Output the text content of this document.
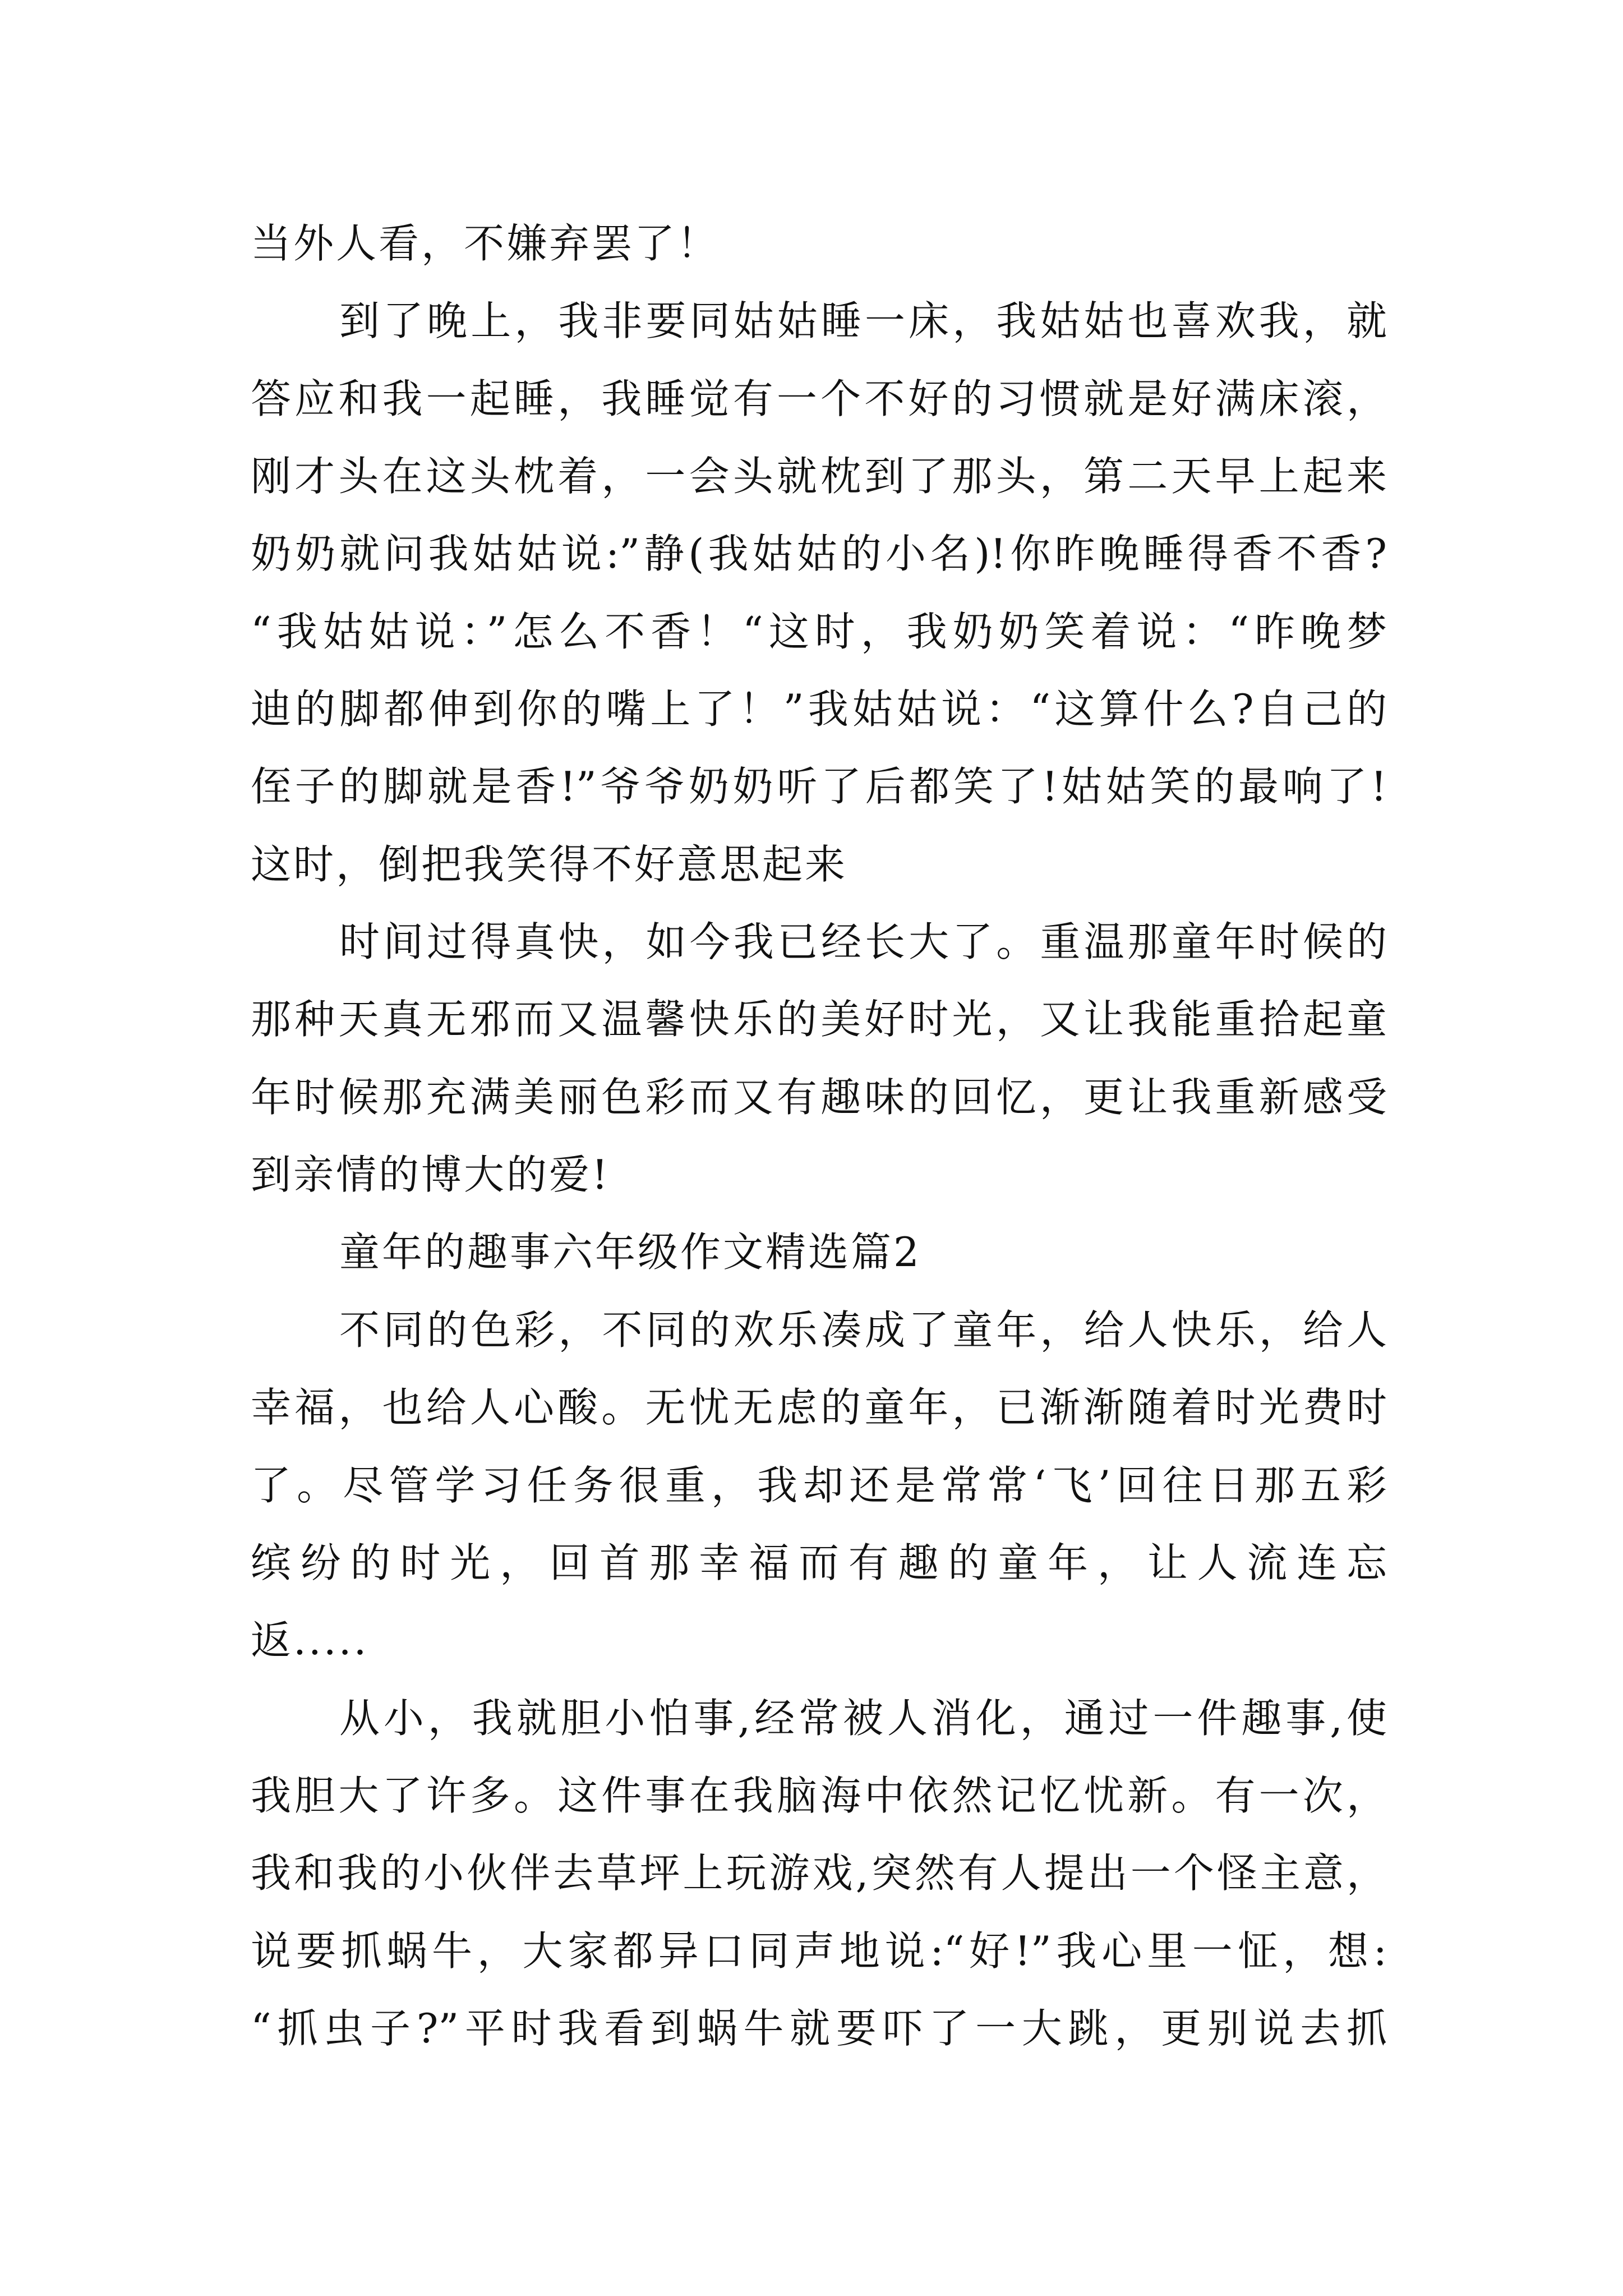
当外人看，不嫌弃罢了！
到了晚上，我非要同姑姑睡一床，我姑姑也喜欢我，就
答应和我一起睡，我睡觉有一个不好的习惯就是好满床滚，
刚才头在这头枕着，一会头就枕到了那头，第二天早上起来
奶奶就问我姑姑说:”静(我姑姑的小名)!你昨晚睡得香不香?
“我姑姑说：”怎么不香！“这时，我奶奶笑着说：“昨晚梦
迪的脚都伸到你的嘴上了！”我姑姑说：“这算什么?自己的
侄子的脚就是香!”爷爷奶奶听了后都笑了!姑姑笑的最响了!
这时，倒把我笑得不好意思起来
时间过得真快，如今我已经长大了。重温那童年时候的
那种天真无邪而又温馨快乐的美好时光，又让我能重拾起童
年时候那充满美丽色彩而又有趣味的回忆，更让我重新感受
到亲情的博大的爱!
童年的趣事六年级作文精选篇2
不同的色彩，不同的欢乐凑成了童年，给人快乐，给人
幸福，也给人心酸。无忧无虑的童年，已渐渐随着时光费时
了。尽管学习任务很重，我却还是常常‘飞’回往日那五彩
缤纷的时光，回首那幸福而有趣的童年，让人流连忘
返.....
从小，我就胆小怕事,经常被人消化，通过一件趣事,使
我胆大了许多。这件事在我脑海中依然记忆忧新。有一次，
我和我的小伙伴去草坪上玩游戏,突然有人提出一个怪主意，
说要抓蜗牛，大家都异口同声地说:“好!”我心里一怔，想:
“抓虫子?”平时我看到蜗牛就要吓了一大跳，更别说去抓
